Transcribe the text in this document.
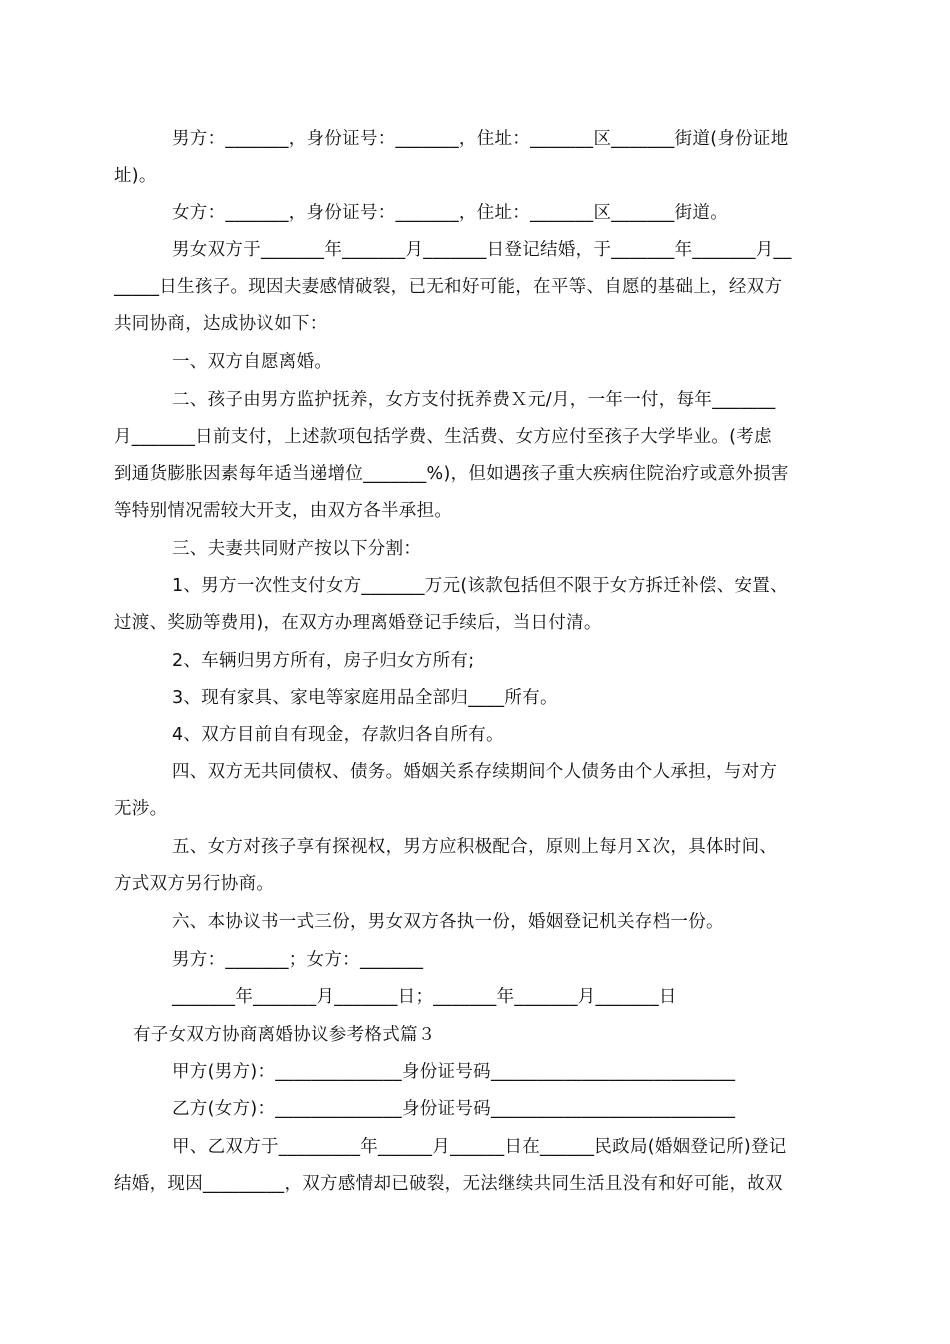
男方：_______，身份证号：_______，住址：_______区_______街道(身份证地
址)。

女方：_______，身份证号：_______，住址：_______区_______街道。

男女双方于_______年_______月_______日登记结婚，于_______年_______月__
_____日生孩子。现因夫妻感情破裂，已无和好可能，在平等、自愿的基础上，经双方
共同协商，达成协议如下：

一、双方自愿离婚。

二、孩子由男方监护抚养，女方支付抚养费Ｘ元/月，一年一付，每年_______
月_______日前支付，上述款项包括学费、生活费、女方应付至孩子大学毕业。(考虑
到通货膨胀因素每年适当递增位_______%)，但如遇孩子重大疾病住院治疗或意外损害
等特别情况需较大开支，由双方各半承担。

三、夫妻共同财产按以下分割：

1、男方一次性支付女方_______万元(该款包括但不限于女方拆迁补偿、安置、
过渡、奖励等费用)，在双方办理离婚登记手续后，当日付清。

2、车辆归男方所有，房子归女方所有;

3、现有家具、家电等家庭用品全部归____所有。

4、双方目前自有现金，存款归各自所有。

四、双方无共同债权、债务。婚姻关系存续期间个人债务由个人承担，与对方
无涉。

五、女方对孩子享有探视权，男方应积极配合，原则上每月Ｘ次，具体时间、
方式双方另行协商。

六、本协议书一式三份，男女双方各执一份，婚姻登记机关存档一份。

男方：_______；女方：_______

_______年_______月_______日；_______年_______月_______日

有子女双方协商离婚协议参考格式篇３

甲方(男方)：______________身份证号码___________________________

乙方(女方)：______________身份证号码___________________________

甲、乙双方于_________年______月______日在______民政局(婚姻登记所)登记
结婚，现因_________，双方感情却已破裂，无法继续共同生活且没有和好可能，故双
